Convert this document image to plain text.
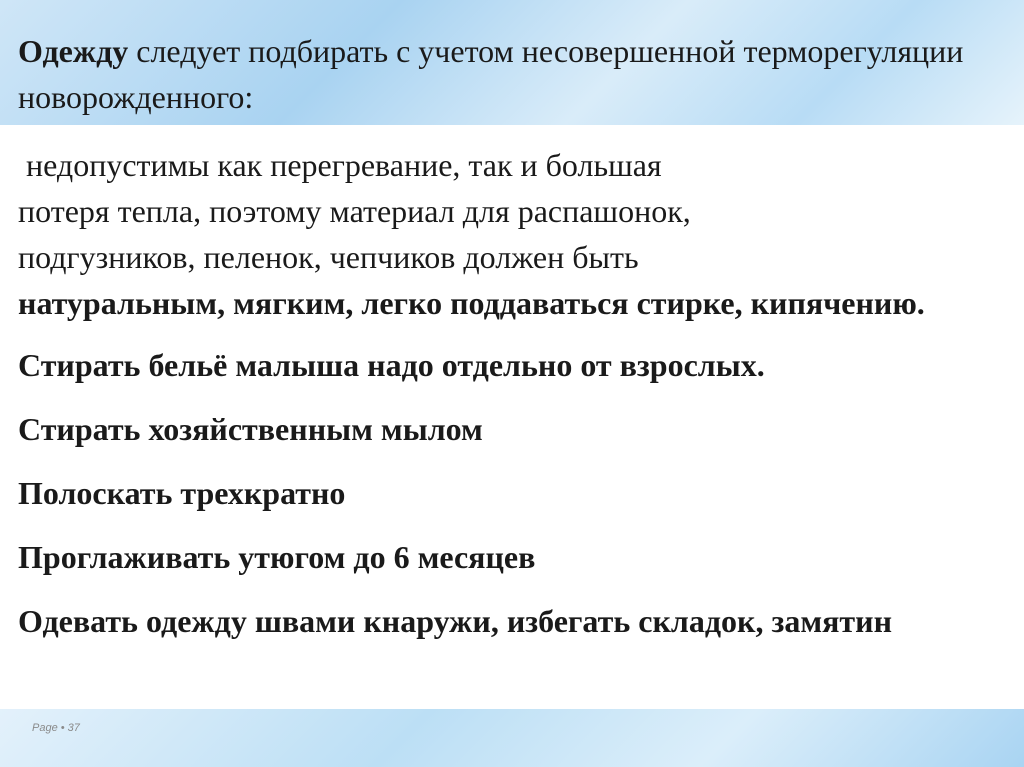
Одежду следует подбирать с учетом несовершенной терморегуляции новорожденного:

недопустимы как перегревание, так и большая
потеря тепла, поэтому материал для распашонок,
подгузников, пеленок, чепчиков должен быть
натуральным, мягким, легко поддаваться стирке, кипячению.

Стирать бельё малыша надо отдельно от взрослых.

Стирать хозяйственным мылом

Полоскать трехкратно

Проглаживать утюгом до 6 месяцев

Одевать одежду швами кнаружи, избегать складок, замятин

Page • 37
